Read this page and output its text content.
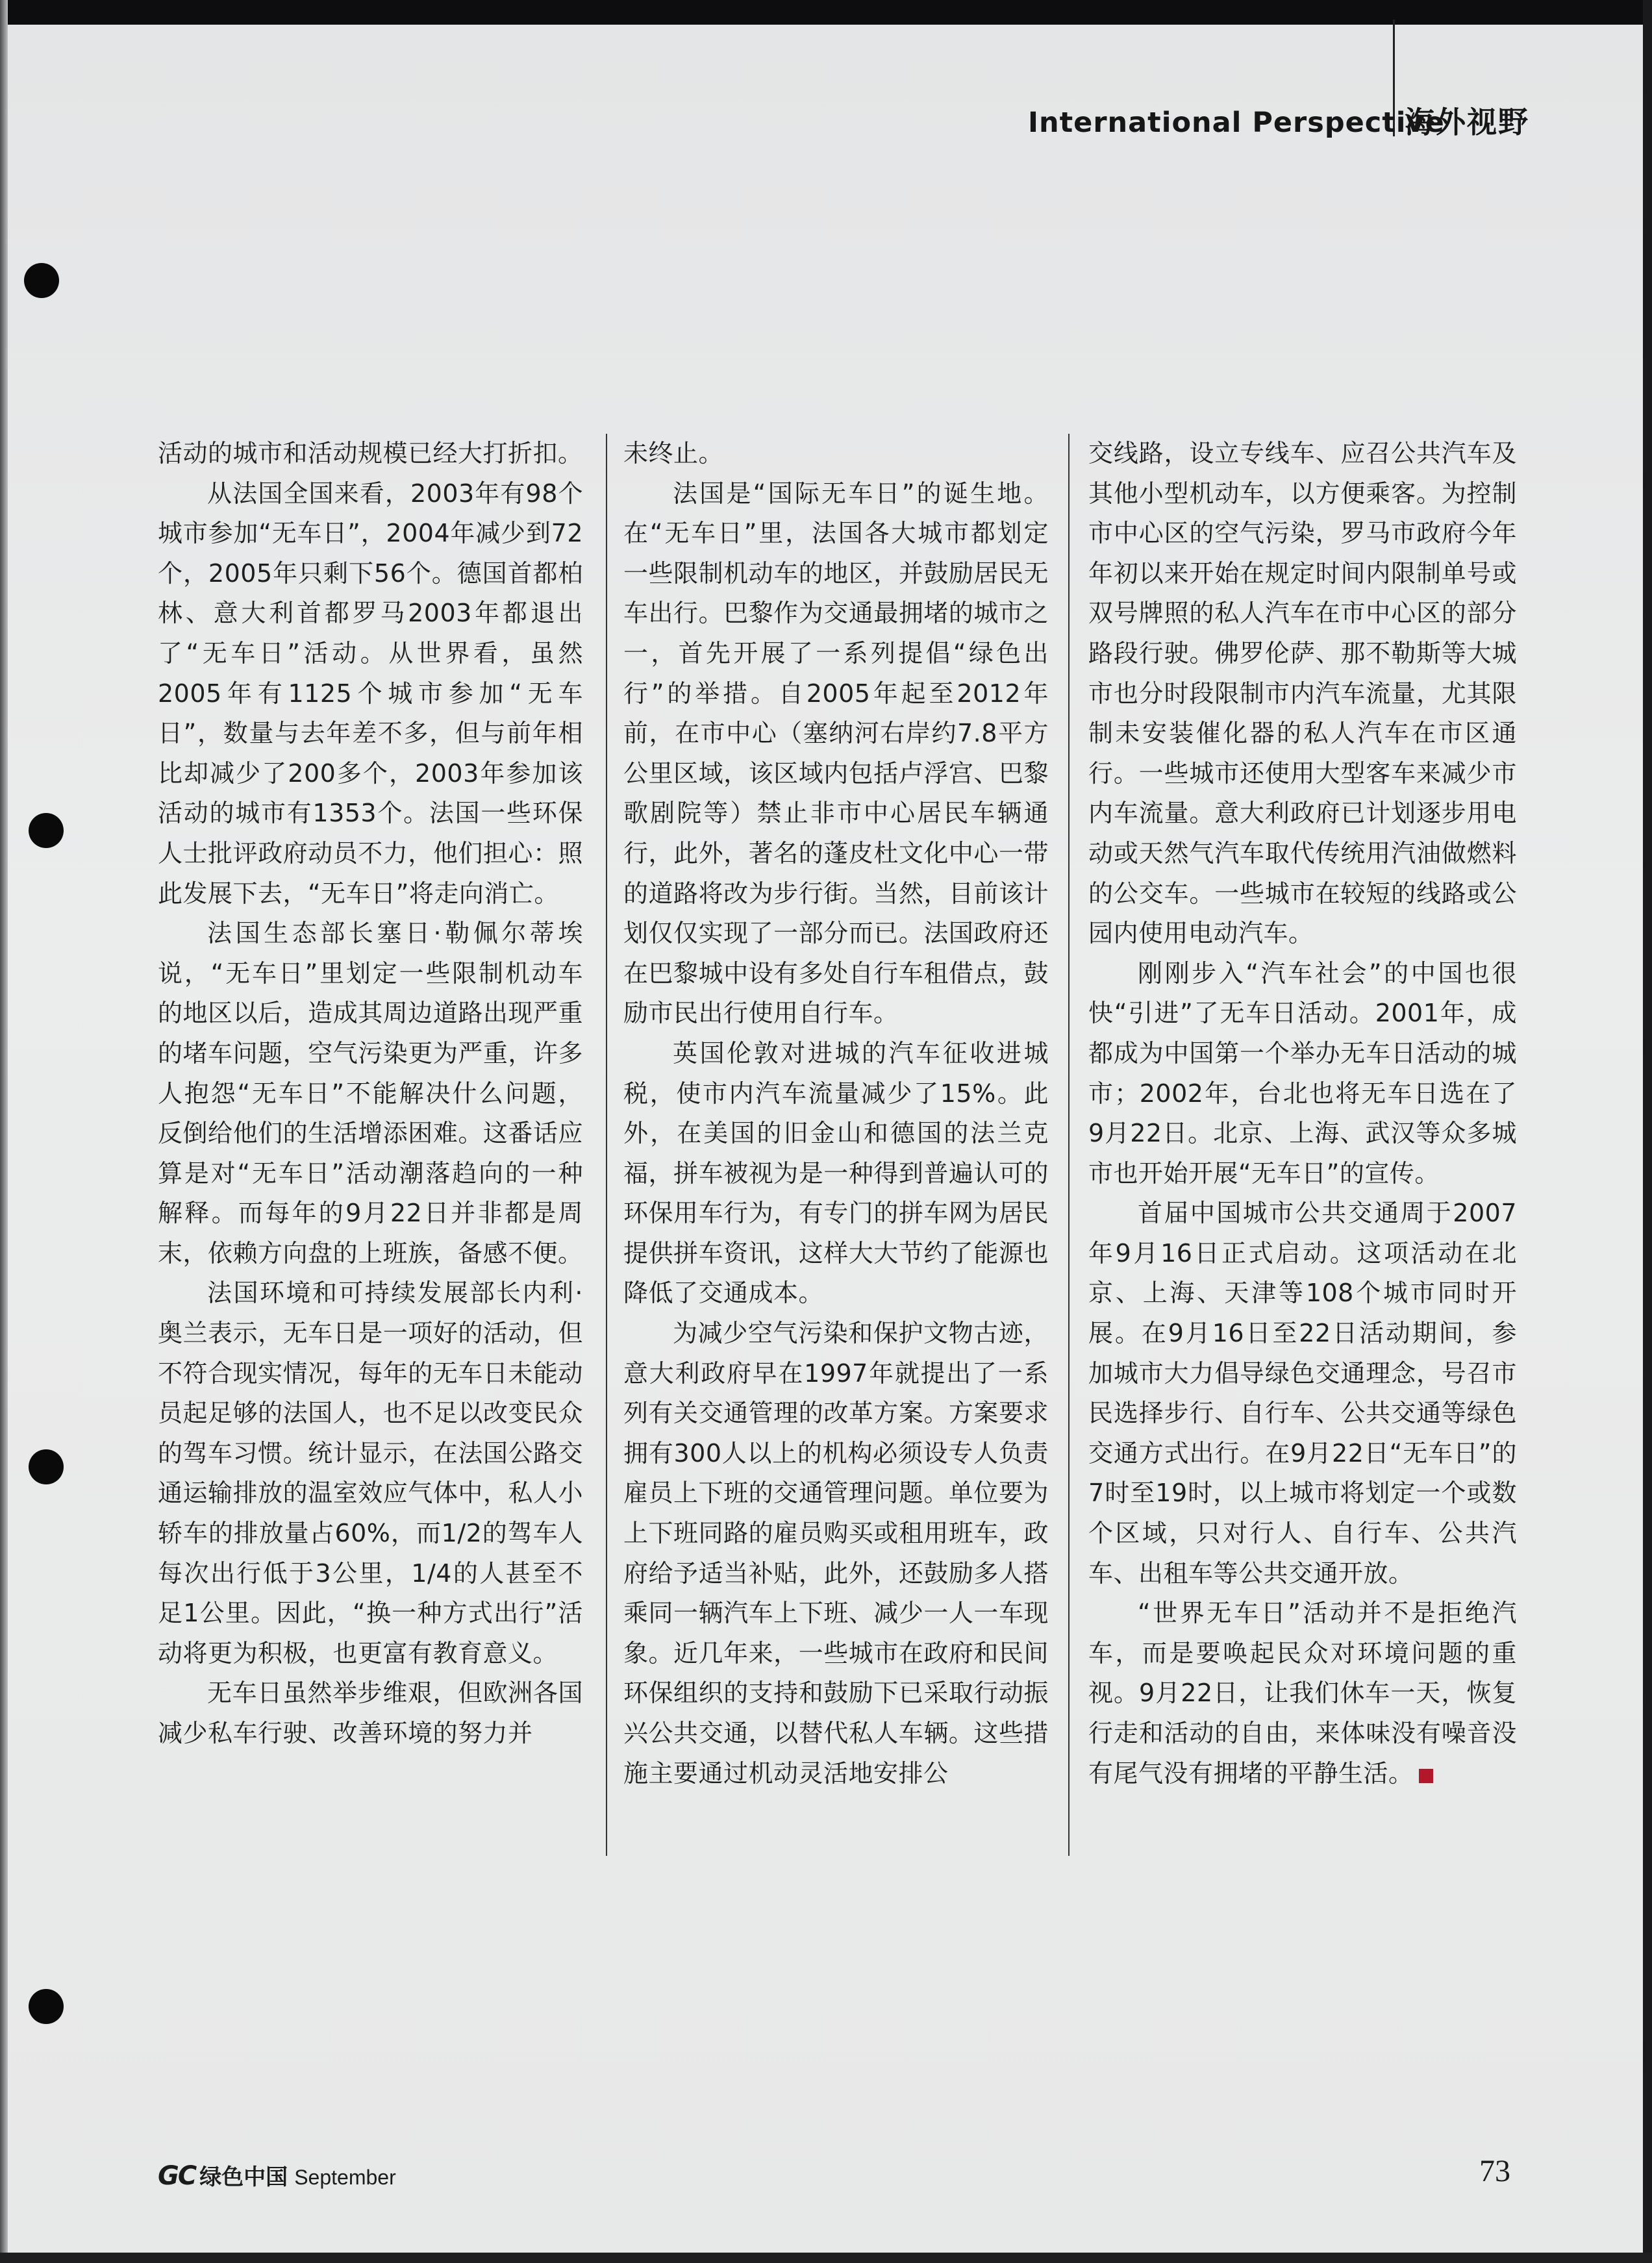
International Perspective
海外视野

活动的城市和活动规模已经大打折扣。

从法国全国来看，2003年有98个城市参加“无车日”，2004年减少到72个，2005年只剩下56个。德国首都柏林、意大利首都罗马2003年都退出了“无车日”活动。从世界看，虽然2005年有1125个城市参加“无车日”，数量与去年差不多，但与前年相比却减少了200多个，2003年参加该活动的城市有1353个。法国一些环保人士批评政府动员不力，他们担心：照此发展下去，“无车日”将走向消亡。

法国生态部长塞日·勒佩尔蒂埃说，“无车日”里划定一些限制机动车的地区以后，造成其周边道路出现严重的堵车问题，空气污染更为严重，许多人抱怨“无车日”不能解决什么问题，反倒给他们的生活增添困难。这番话应算是对“无车日”活动潮落趋向的一种解释。而每年的9月22日并非都是周末，依赖方向盘的上班族，备感不便。

法国环境和可持续发展部长内利·奥兰表示，无车日是一项好的活动，但不符合现实情况，每年的无车日未能动员起足够的法国人，也不足以改变民众的驾车习惯。统计显示，在法国公路交通运输排放的温室效应气体中，私人小轿车的排放量占60%，而1/2的驾车人每次出行低于3公里，1/4的人甚至不足1公里。因此，“换一种方式出行”活动将更为积极，也更富有教育意义。

无车日虽然举步维艰，但欧洲各国减少私车行驶、改善环境的努力并

未终止。

法国是“国际无车日”的诞生地。在“无车日”里，法国各大城市都划定一些限制机动车的地区，并鼓励居民无车出行。巴黎作为交通最拥堵的城市之一，首先开展了一系列提倡“绿色出行”的举措。自2005年起至2012年前，在市中心（塞纳河右岸约7.8平方公里区域，该区域内包括卢浮宫、巴黎歌剧院等）禁止非市中心居民车辆通行，此外，著名的蓬皮杜文化中心一带的道路将改为步行街。当然，目前该计划仅仅实现了一部分而已。法国政府还在巴黎城中设有多处自行车租借点，鼓励市民出行使用自行车。

英国伦敦对进城的汽车征收进城税，使市内汽车流量减少了15%。此外，在美国的旧金山和德国的法兰克福，拼车被视为是一种得到普遍认可的环保用车行为，有专门的拼车网为居民提供拼车资讯，这样大大节约了能源也降低了交通成本。

为减少空气污染和保护文物古迹，意大利政府早在1997年就提出了一系列有关交通管理的改革方案。方案要求拥有300人以上的机构必须设专人负责雇员上下班的交通管理问题。单位要为上下班同路的雇员购买或租用班车，政府给予适当补贴，此外，还鼓励多人搭乘同一辆汽车上下班、减少一人一车现象。近几年来，一些城市在政府和民间环保组织的支持和鼓励下已采取行动振兴公共交通，以替代私人车辆。这些措施主要通过机动灵活地安排公

交线路，设立专线车、应召公共汽车及其他小型机动车，以方便乘客。为控制市中心区的空气污染，罗马市政府今年年初以来开始在规定时间内限制单号或双号牌照的私人汽车在市中心区的部分路段行驶。佛罗伦萨、那不勒斯等大城市也分时段限制市内汽车流量，尤其限制未安装催化器的私人汽车在市区通行。一些城市还使用大型客车来减少市内车流量。意大利政府已计划逐步用电动或天然气汽车取代传统用汽油做燃料的公交车。一些城市在较短的线路或公园内使用电动汽车。

刚刚步入“汽车社会”的中国也很快“引进”了无车日活动。2001年，成都成为中国第一个举办无车日活动的城市；2002年，台北也将无车日选在了9月22日。北京、上海、武汉等众多城市也开始开展“无车日”的宣传。

首届中国城市公共交通周于2007年9月16日正式启动。这项活动在北京、上海、天津等108个城市同时开展。在9月16日至22日活动期间，参加城市大力倡导绿色交通理念，号召市民选择步行、自行车、公共交通等绿色交通方式出行。在9月22日“无车日”的7时至19时，以上城市将划定一个或数个区域，只对行人、自行车、公共汽车、出租车等公共交通开放。

“世界无车日”活动并不是拒绝汽车，而是要唤起民众对环境问题的重视。9月22日，让我们休车一天，恢复行走和活动的自由，来体味没有噪音没有尾气没有拥堵的平静生活。

GC 绿色中国 September	73
